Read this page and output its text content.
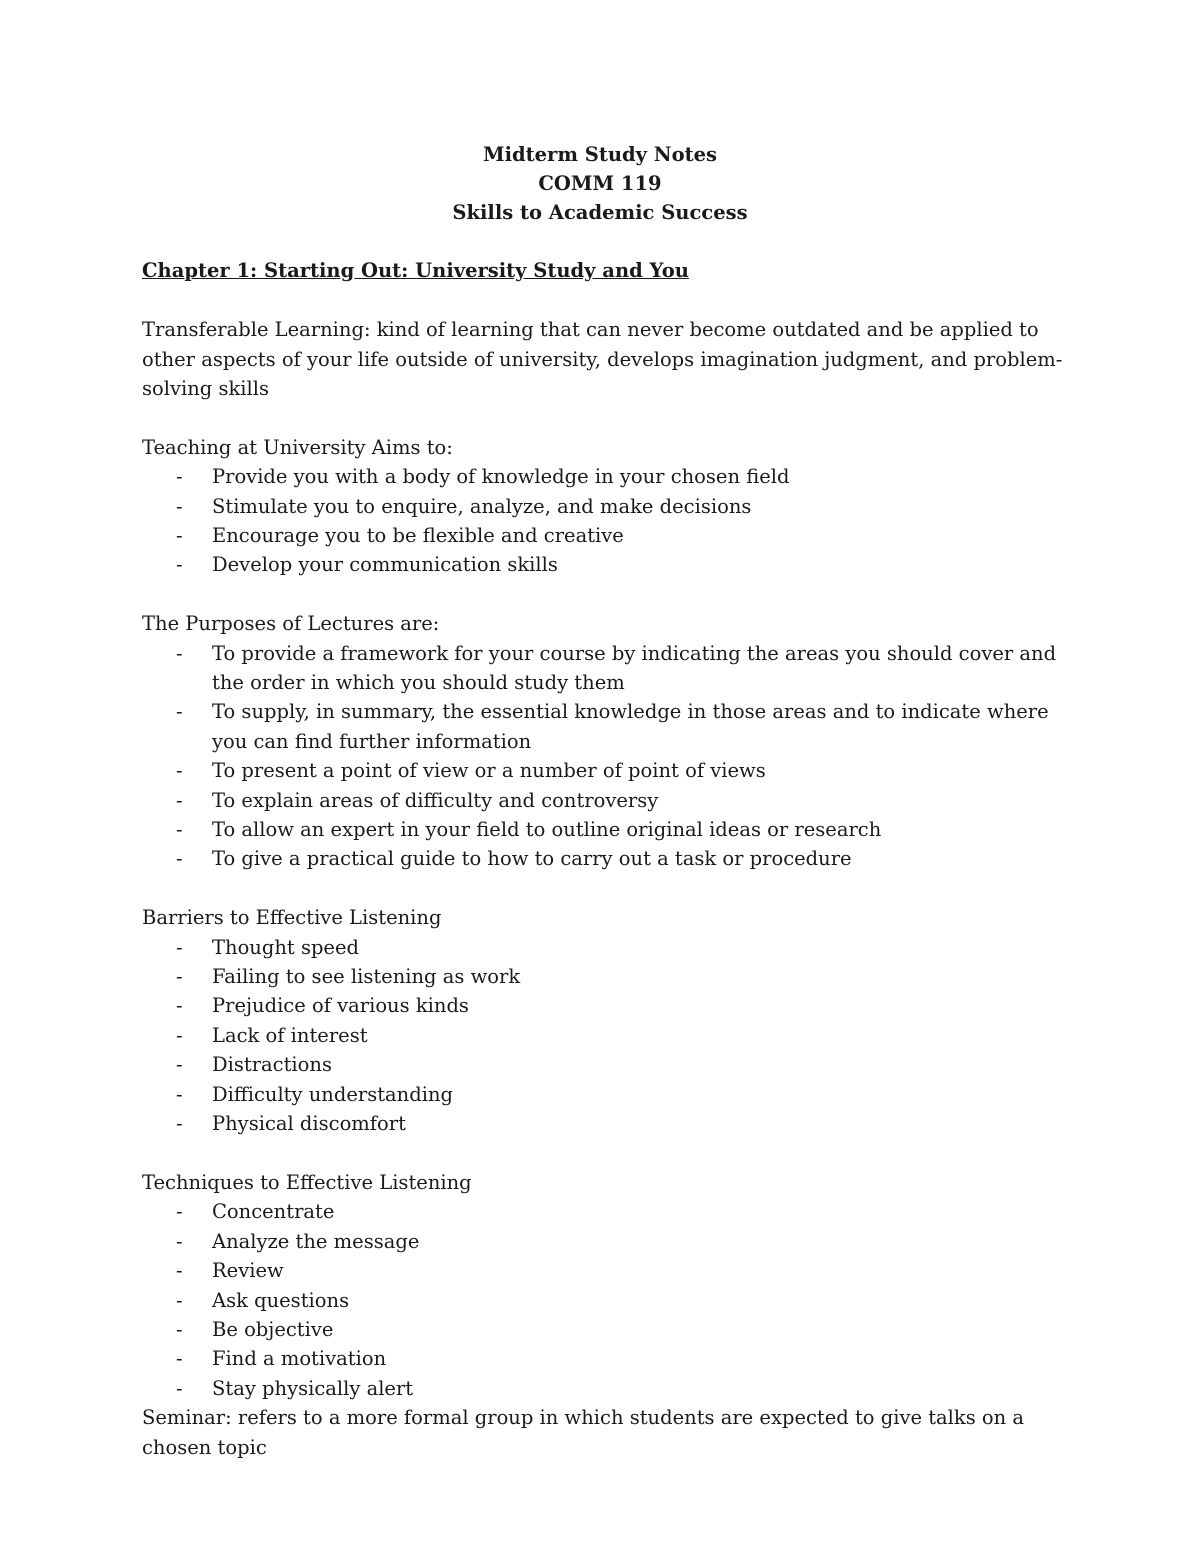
Midterm Study Notes
COMM 119
Skills to Academic Success
Chapter 1: Starting Out: University Study and You
Transferable Learning: kind of learning that can never become outdated and be applied to other aspects of your life outside of university, develops imagination judgment, and problem-solving skills
Teaching at University Aims to:
- Provide you with a body of knowledge in your chosen field
- Stimulate you to enquire, analyze, and make decisions
- Encourage you to be flexible and creative
- Develop your communication skills
The Purposes of Lectures are:
- To provide a framework for your course by indicating the areas you should cover and the order in which you should study them
- To supply, in summary, the essential knowledge in those areas and to indicate where you can find further information
- To present a point of view or a number of point of views
- To explain areas of difficulty and controversy
- To allow an expert in your field to outline original ideas or research
- To give a practical guide to how to carry out a task or procedure
Barriers to Effective Listening
- Thought speed
- Failing to see listening as work
- Prejudice of various kinds
- Lack of interest
- Distractions
- Difficulty understanding
- Physical discomfort
Techniques to Effective Listening
- Concentrate
- Analyze the message
- Review
- Ask questions
- Be objective
- Find a motivation
- Stay physically alert
Seminar: refers to a more formal group in which students are expected to give talks on a chosen topic
